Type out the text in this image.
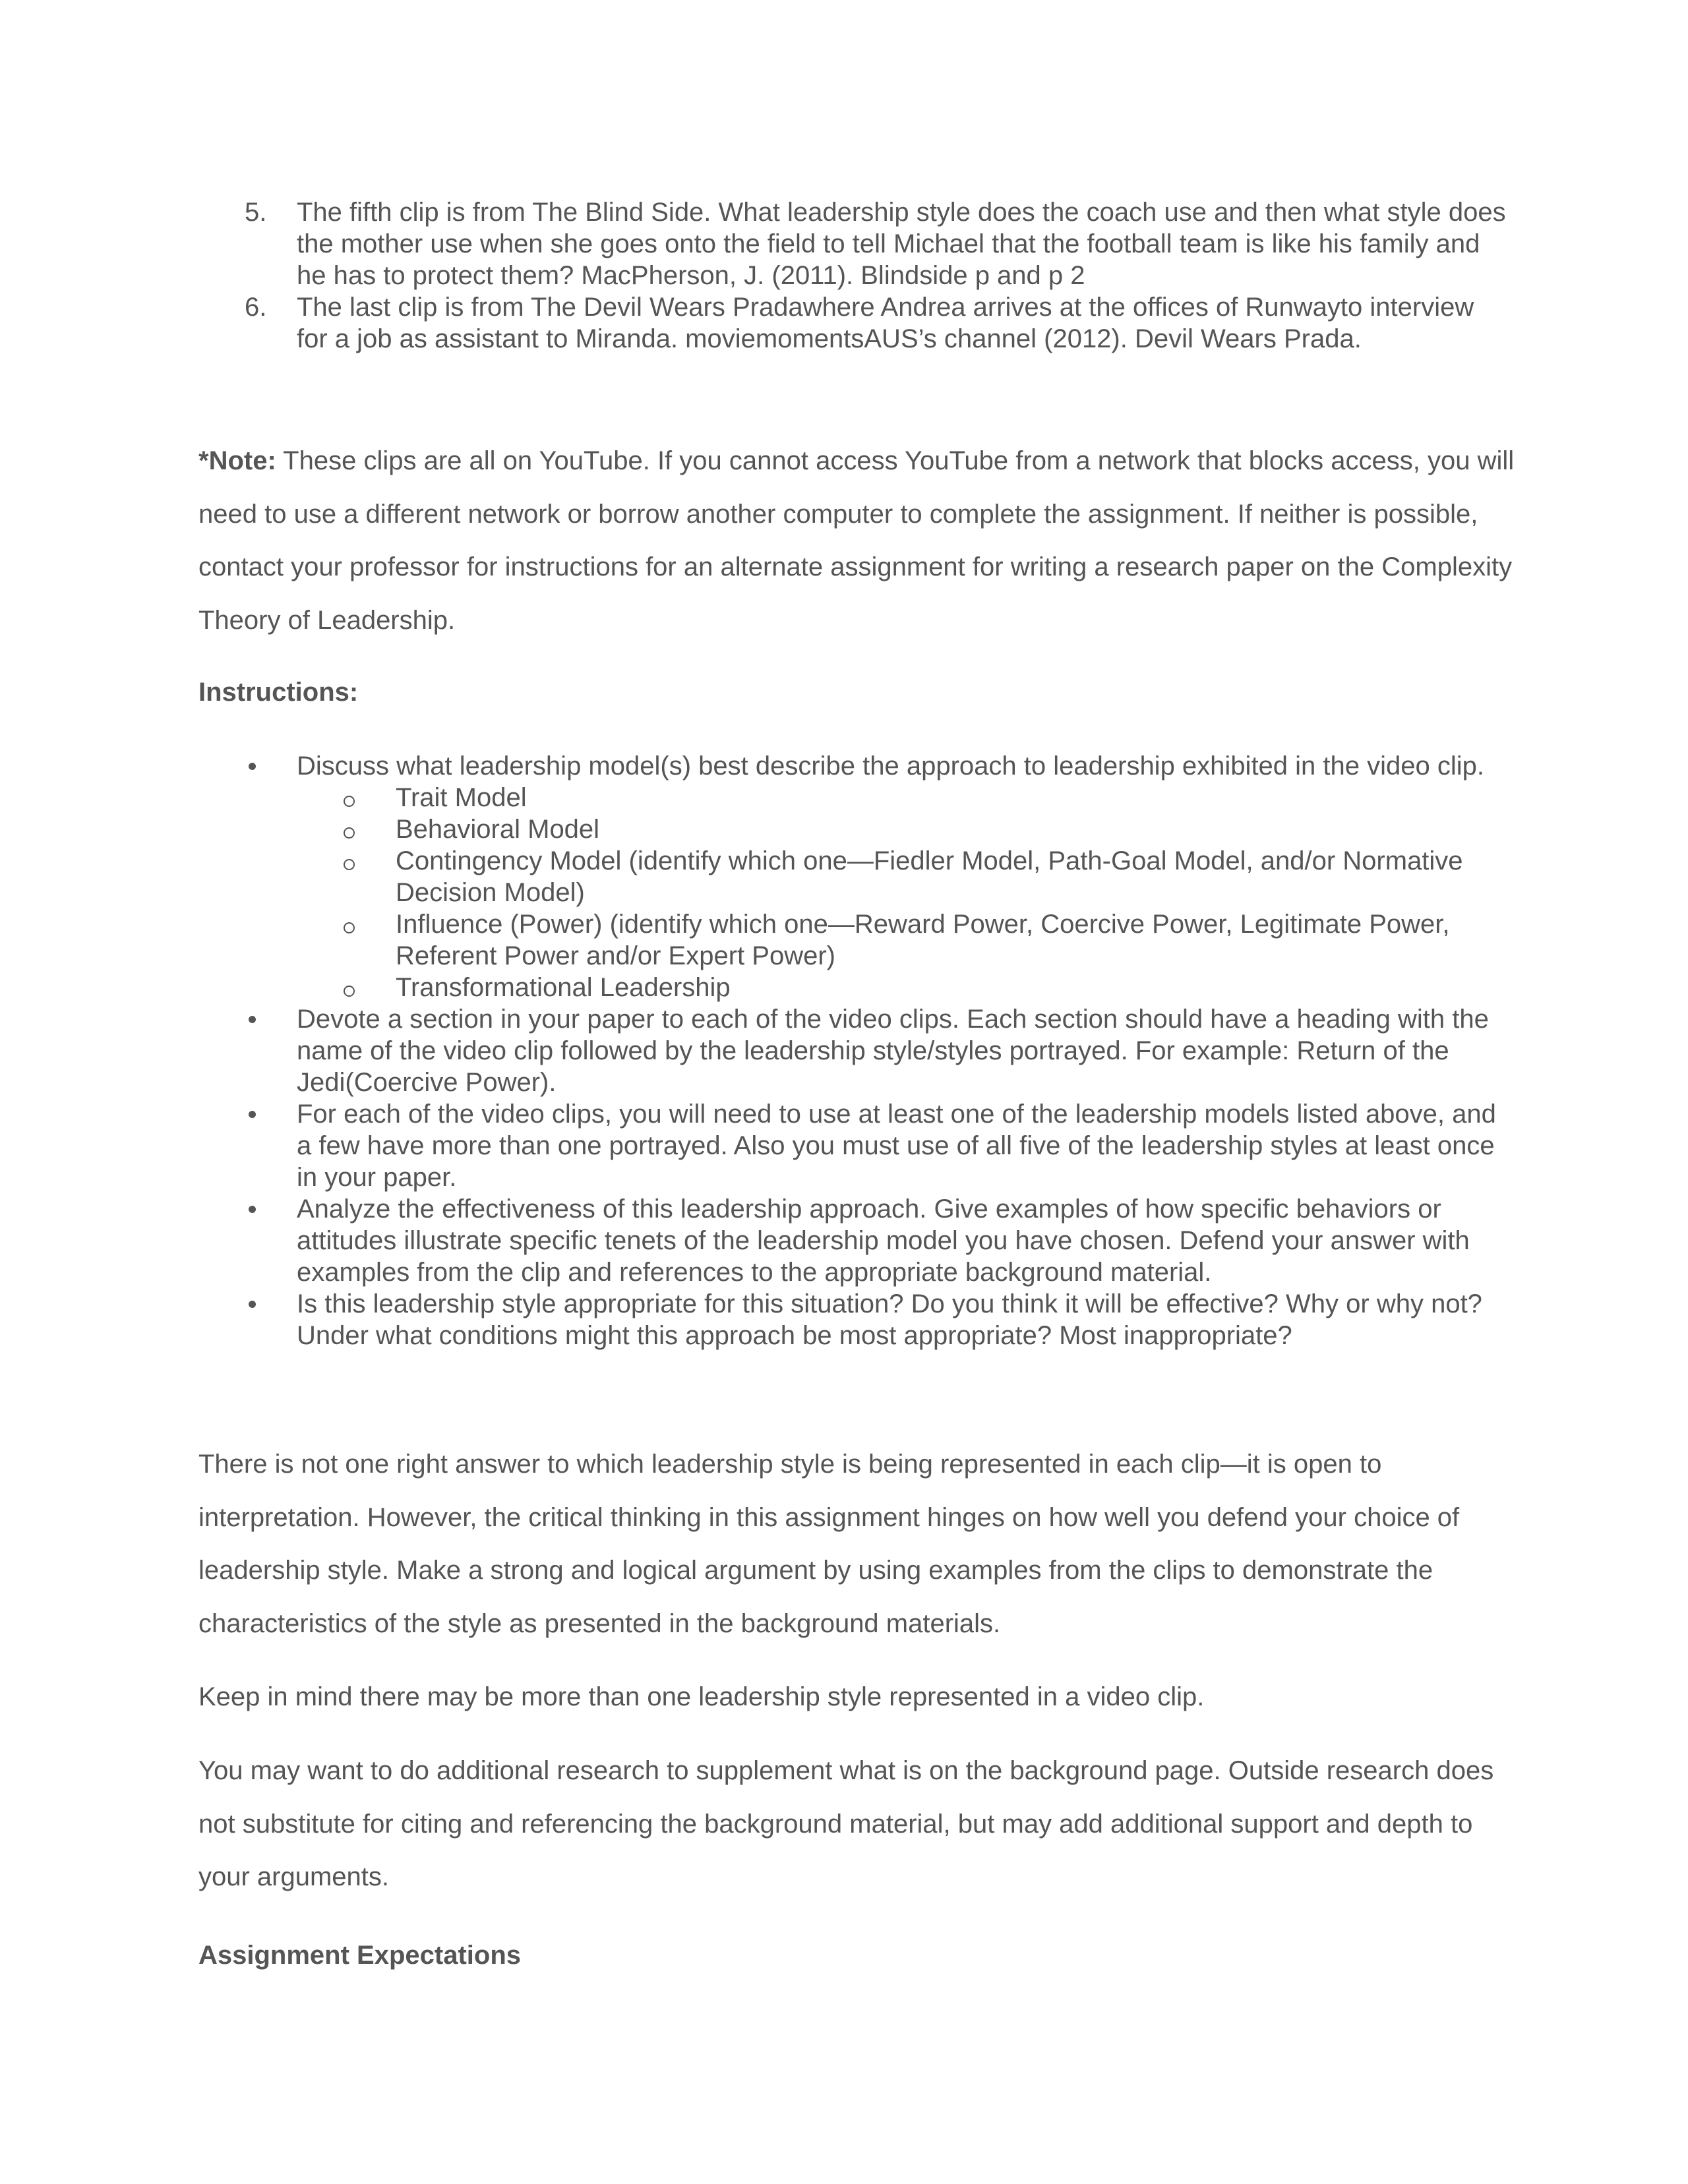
5. The fifth clip is from The Blind Side. What leadership style does the coach use and then what style does the mother use when she goes onto the field to tell Michael that the football team is like his family and he has to protect them? MacPherson, J. (2011). Blindside p and p 2
6. The last clip is from The Devil Wears Pradawhere Andrea arrives at the offices of Runwayto interview for a job as assistant to Miranda. moviemomentsAUS’s channel (2012). Devil Wears Prada.

*Note: These clips are all on YouTube. If you cannot access YouTube from a network that blocks access, you will need to use a different network or borrow another computer to complete the assignment. If neither is possible, contact your professor for instructions for an alternate assignment for writing a research paper on the Complexity Theory of Leadership.

Instructions:
Discuss what leadership model(s) best describe the approach to leadership exhibited in the video clip.
Trait Model
Behavioral Model
Contingency Model (identify which one—Fiedler Model, Path-Goal Model, and/or Normative Decision Model)
Influence (Power) (identify which one—Reward Power, Coercive Power, Legitimate Power, Referent Power and/or Expert Power)
Transformational Leadership
Devote a section in your paper to each of the video clips. Each section should have a heading with the name of the video clip followed by the leadership style/styles portrayed. For example: Return of the Jedi(Coercive Power).
For each of the video clips, you will need to use at least one of the leadership models listed above, and a few have more than one portrayed. Also you must use of all five of the leadership styles at least once in your paper.
Analyze the effectiveness of this leadership approach. Give examples of how specific behaviors or attitudes illustrate specific tenets of the leadership model you have chosen. Defend your answer with examples from the clip and references to the appropriate background material.
Is this leadership style appropriate for this situation? Do you think it will be effective? Why or why not? Under what conditions might this approach be most appropriate? Most inappropriate?

There is not one right answer to which leadership style is being represented in each clip—it is open to interpretation. However, the critical thinking in this assignment hinges on how well you defend your choice of leadership style. Make a strong and logical argument by using examples from the clips to demonstrate the characteristics of the style as presented in the background materials.

Keep in mind there may be more than one leadership style represented in a video clip.

You may want to do additional research to supplement what is on the background page. Outside research does not substitute for citing and referencing the background material, but may add additional support and depth to your arguments.

Assignment Expectations
